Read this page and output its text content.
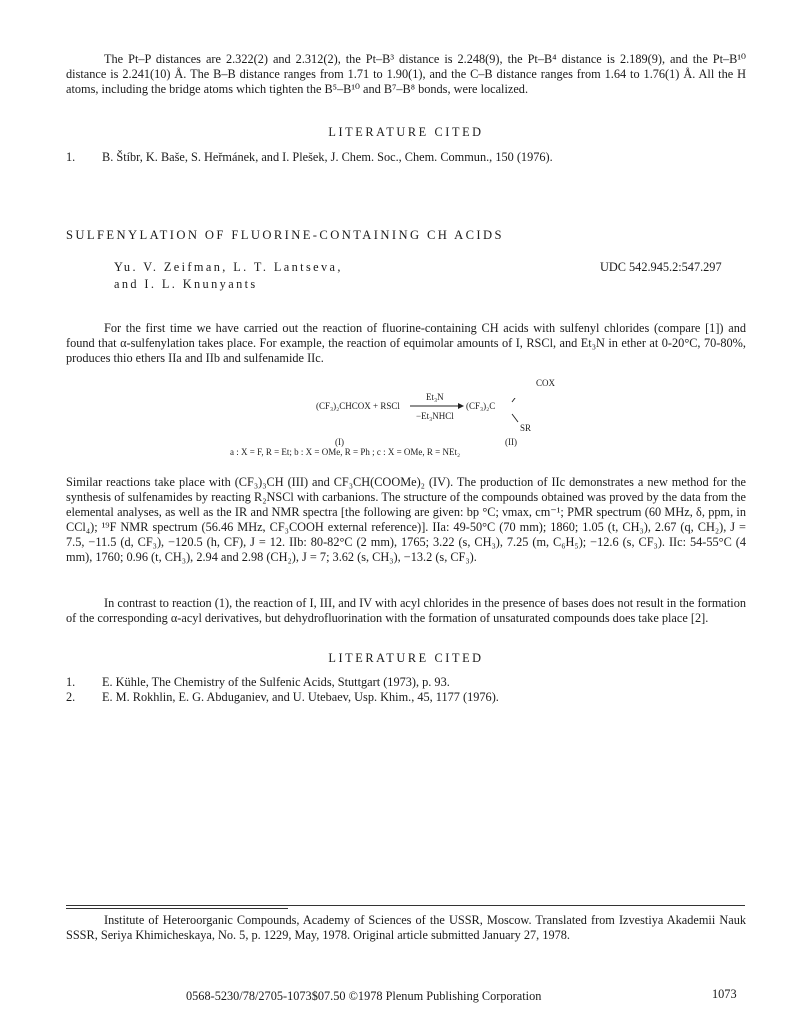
The Pt–P distances are 2.322(2) and 2.312(2), the Pt–B³ distance is 2.248(9), the Pt–B⁴ distance is 2.189(9), and the Pt–B¹⁰ distance is 2.241(10) Å. The B–B distance ranges from 1.71 to 1.90(1), and the C–B distance ranges from 1.64 to 1.76(1) Å. All the H atoms, including the bridge atoms which tighten the B⁵–B¹⁰ and B⁷–B⁸ bonds, were localized.

LITERATURE CITED
1. B. Štíbr, K. Baše, S. Heřmánek, and I. Plešek, J. Chem. Soc., Chem. Commun., 150 (1976).
SULFENYLATION OF FLUORINE-CONTAINING CH ACIDS
Yu. V. Zeifman, L. T. Lantseva,
and I. L. Knunyants
UDC 542.945.2:547.297

For the first time we have carried out the reaction of fluorine-containing CH acids with sulfenyl chlorides (compare [1]) and found that α-sulfenylation takes place. For example, the reaction of equimolar amounts of I, RSCl, and Et₃N in ether at 0-20°C, 70-80%, produces thio ethers IIa and IIb and sulfenamide IIc.

COX
(CF₃)₂CHCOX + RSCl
Et₃N
−Et₃NHCl
(CF₃)₂C
SR
(I)	(II)
a : X = F, R = Et; b : X = OMe, R = Ph ; c : X = OMe, R = NEt₂

Similar reactions take place with (CF₃)₃CH (III) and CF₃CH(COOMe)₂ (IV). The production of IIc demonstrates a new method for the synthesis of sulfenamides by reacting R₂NSCl with carbanions. The structure of the compounds obtained was proved by the data from the elemental analyses, as well as the IR and NMR spectra [the following are given: bp °C; νmax, cm⁻¹; PMR spectrum (60 MHz, δ, ppm, in CCl₄); ¹⁹F NMR spectrum (56.46 MHz, CF₃COOH external reference)]. IIa: 49-50°C (70 mm); 1860; 1.05 (t, CH₃), 2.67 (q, CH₂), J = 7.5, −11.5 (d, CF₃), −120.5 (h, CF), J = 12. IIb: 80-82°C (2 mm), 1765; 3.22 (s, CH₃), 7.25 (m, C₆H₅); −12.6 (s, CF₃). IIc: 54-55°C (4 mm), 1760; 0.96 (t, CH₃), 2.94 and 2.98 (CH₂), J = 7; 3.62 (s, CH₃), −13.2 (s, CF₃).

In contrast to reaction (1), the reaction of I, III, and IV with acyl chlorides in the presence of bases does not result in the formation of the corresponding α-acyl derivatives, but dehydrofluorination with the formation of unsaturated compounds does take place [2].

LITERATURE CITED
1. E. Kühle, The Chemistry of the Sulfenic Acids, Stuttgart (1973), p. 93.
2. E. M. Rokhlin, E. G. Abduganiev, and U. Utebaev, Usp. Khim., 45, 1177 (1976).

Institute of Heteroorganic Compounds, Academy of Sciences of the USSR, Moscow. Translated from Izvestiya Akademii Nauk SSSR, Seriya Khimicheskaya, No. 5, p. 1229, May, 1978. Original article submitted January 27, 1978.

0568-5230/78/2705-1073$07.50 ©1978 Plenum Publishing Corporation	1073
